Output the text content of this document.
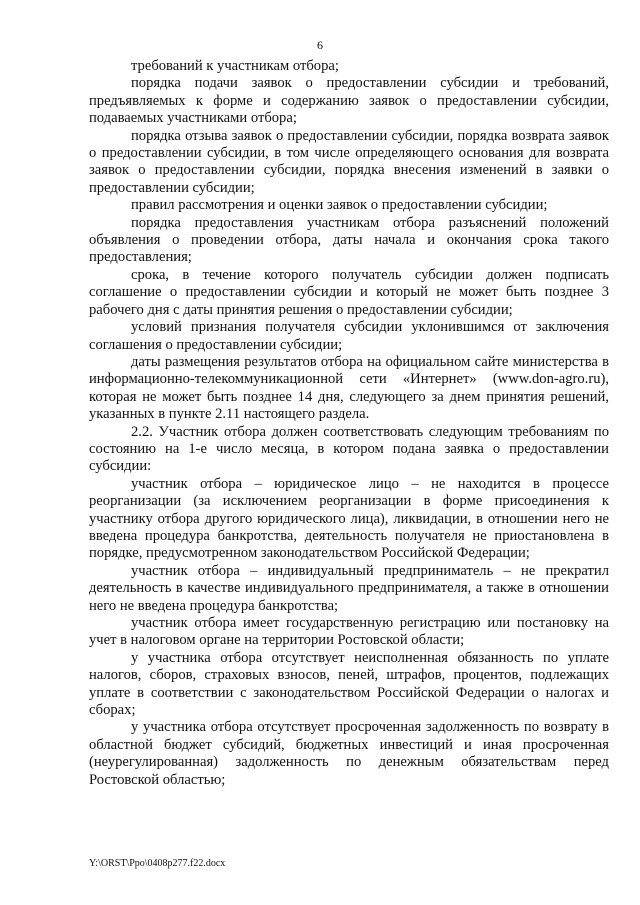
6

требований к участникам отбора;

порядка подачи заявок о предоставлении субсидии и требований, предъявляемых к форме и содержанию заявок о предоставлении субсидии, подаваемых участниками отбора;

порядка отзыва заявок о предоставлении субсидии, порядка возврата заявок о предоставлении субсидии, в том числе определяющего основания для возврата заявок о предоставлении субсидии, порядка внесения изменений в заявки о предоставлении субсидии;

правил рассмотрения и оценки заявок о предоставлении субсидии;

порядка предоставления участникам отбора разъяснений положений объявления о проведении отбора, даты начала и окончания срока такого предоставления;

срока, в течение которого получатель субсидии должен подписать соглашение о предоставлении субсидии и который не может быть позднее 3 рабочего дня с даты принятия решения о предоставлении субсидии;

условий признания получателя субсидии уклонившимся от заключения соглашения о предоставлении субсидии;

даты размещения результатов отбора на официальном сайте министерства в информационно-телекоммуникационной сети «Интернет» (www.don-agro.ru), которая не может быть позднее 14 дня, следующего за днем принятия решений, указанных в пункте 2.11 настоящего раздела.

2.2. Участник отбора должен соответствовать следующим требованиям по состоянию на 1-е число месяца, в котором подана заявка о предоставлении субсидии:

участник отбора – юридическое лицо – не находится в процессе реорганизации (за исключением реорганизации в форме присоединения к участнику отбора другого юридического лица), ликвидации, в отношении него не введена процедура банкротства, деятельность получателя не приостановлена в порядке, предусмотренном законодательством Российской Федерации;

участник отбора – индивидуальный предприниматель – не прекратил деятельность в качестве индивидуального предпринимателя, а также в отношении него не введена процедура банкротства;

участник отбора имеет государственную регистрацию или постановку на учет в налоговом органе на территории Ростовской области;

у участника отбора отсутствует неисполненная обязанность по уплате налогов, сборов, страховых взносов, пеней, штрафов, процентов, подлежащих уплате в соответствии с законодательством Российской Федерации о налогах и сборах;

у участника отбора отсутствует просроченная задолженность по возврату в областной бюджет субсидий, бюджетных инвестиций и иная просроченная (неурегулированная) задолженность по денежным обязательствам перед Ростовской областью;

Y:\ORST\Ppo\0408p277.f22.docx
